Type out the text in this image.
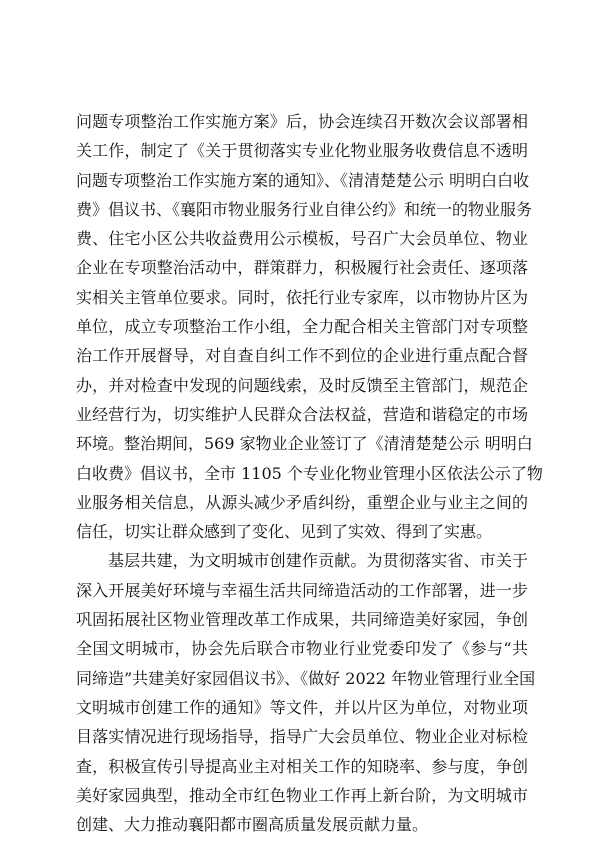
问题专项整治工作实施方案》后，协会连续召开数次会议部署相
关工作，制定了《关于贯彻落实专业化物业服务收费信息不透明
问题专项整治工作实施方案的通知》、《清清楚楚公示 明明白白收
费》倡议书、《襄阳市物业服务行业自律公约》和统一的物业服务
费、住宅小区公共收益费用公示模板，号召广大会员单位、物业
企业在专项整治活动中，群策群力，积极履行社会责任、逐项落
实相关主管单位要求。同时，依托行业专家库，以市物协片区为
单位，成立专项整治工作小组，全力配合相关主管部门对专项整
治工作开展督导，对自查自纠工作不到位的企业进行重点配合督
办，并对检查中发现的问题线索，及时反馈至主管部门，规范企
业经营行为，切实维护人民群众合法权益，营造和谐稳定的市场
环境。整治期间，569 家物业企业签订了《清清楚楚公示 明明白
白收费》倡议书，全市 1105 个专业化物业管理小区依法公示了物
业服务相关信息，从源头减少矛盾纠纷，重塑企业与业主之间的
信任，切实让群众感到了变化、见到了实效、得到了实惠。
基层共建，为文明城市创建作贡献。为贯彻落实省、市关于
深入开展美好环境与幸福生活共同缔造活动的工作部署，进一步
巩固拓展社区物业管理改革工作成果，共同缔造美好家园，争创
全国文明城市，协会先后联合市物业行业党委印发了《参与“共
同缔造”共建美好家园倡议书》、《做好 2022 年物业管理行业全国
文明城市创建工作的通知》等文件，并以片区为单位，对物业项
目落实情况进行现场指导，指导广大会员单位、物业企业对标检
查，积极宣传引导提高业主对相关工作的知晓率、参与度，争创
美好家园典型，推动全市红色物业工作再上新台阶，为文明城市
创建、大力推动襄阳都市圈高质量发展贡献力量。
